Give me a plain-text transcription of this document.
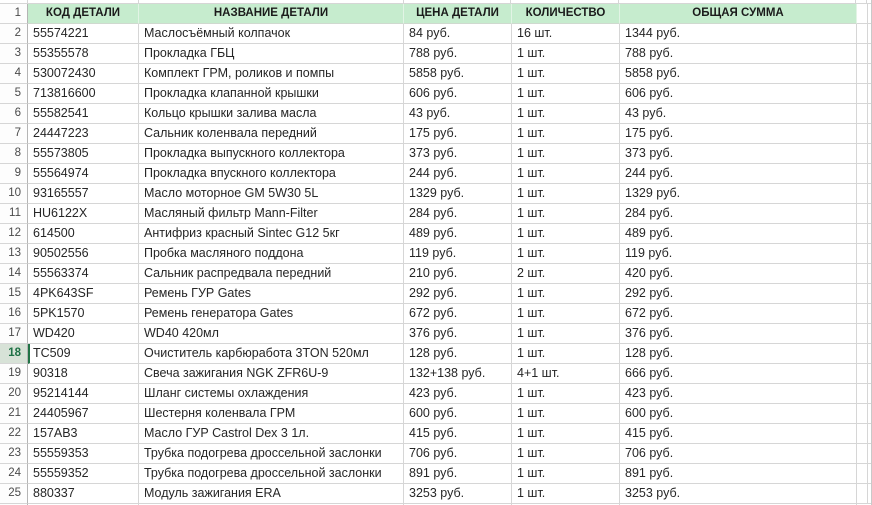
1	КОД ДЕТАЛИ	НАЗВАНИЕ ДЕТАЛИ	ЦЕНА ДЕТАЛИ	КОЛИЧЕСТВО	ОБЩАЯ СУММА
2 55574221	Маслосъёмный колпачок	84 руб.	16 шт.	1344 руб.
3 55355578	Прокладка ГБЦ	788 руб.	1 шт.	788 руб.
4 530072430	Комплект ГРМ, роликов и помпы	5858 руб.	1 шт.	5858 руб.
5 713816600	Прокладка клапанной крышки	606 руб.	1 шт.	606 руб.
6 55582541	Кольцо крышки залива масла	43 руб.	1 шт.	43 руб.
7 24447223	Сальник коленвала передний	175 руб.	1 шт.	175 руб.
8 55573805	Прокладка выпускного коллектора	373 руб.	1 шт.	373 руб.
9 55564974	Прокладка впускного коллектора	244 руб.	1 шт.	244 руб.
10 93165557	Масло моторное GM 5W30 5L	1329 руб.	1 шт.	1329 руб.
11 HU6122X	Масляный фильтр Mann-Filter	284 руб.	1 шт.	284 руб.
12 614500	Антифриз красный Sintec G12 5кг	489 руб.	1 шт.	489 руб.
13 90502556	Пробка масляного поддона	119 руб.	1 шт.	119 руб.
14 55563374	Сальник распредвала передний	210 руб.	2 шт.	420 руб.
15 4PK643SF	Ремень ГУР Gates	292 руб.	1 шт.	292 руб.
16 5PK1570	Ремень генератора Gates	672 руб.	1 шт.	672 руб.
17 WD420	WD40 420мл	376 руб.	1 шт.	376 руб.
18 TC509	Очиститель карбюработа 3TON 520мл	128 руб.	1 шт.	128 руб.
19 90318	Свеча зажигания NGK ZFR6U-9	132+138 руб.	4+1 шт.	666 руб.
20 95214144	Шланг системы охлаждения	423 руб.	1 шт.	423 руб.
21 24405967	Шестерня коленвала ГРМ	600 руб.	1 шт.	600 руб.
22 157AB3	Масло ГУР Castrol Dex 3 1л.	415 руб.	1 шт.	415 руб.
23 55559353	Трубка подогрева дроссельной заслонки	706 руб.	1 шт.	706 руб.
24 55559352	Трубка подогрева дроссельной заслонки	891 руб.	1 шт.	891 руб.
25 880337	Модуль зажигания ERA	3253 руб.	1 шт.	3253 руб.
